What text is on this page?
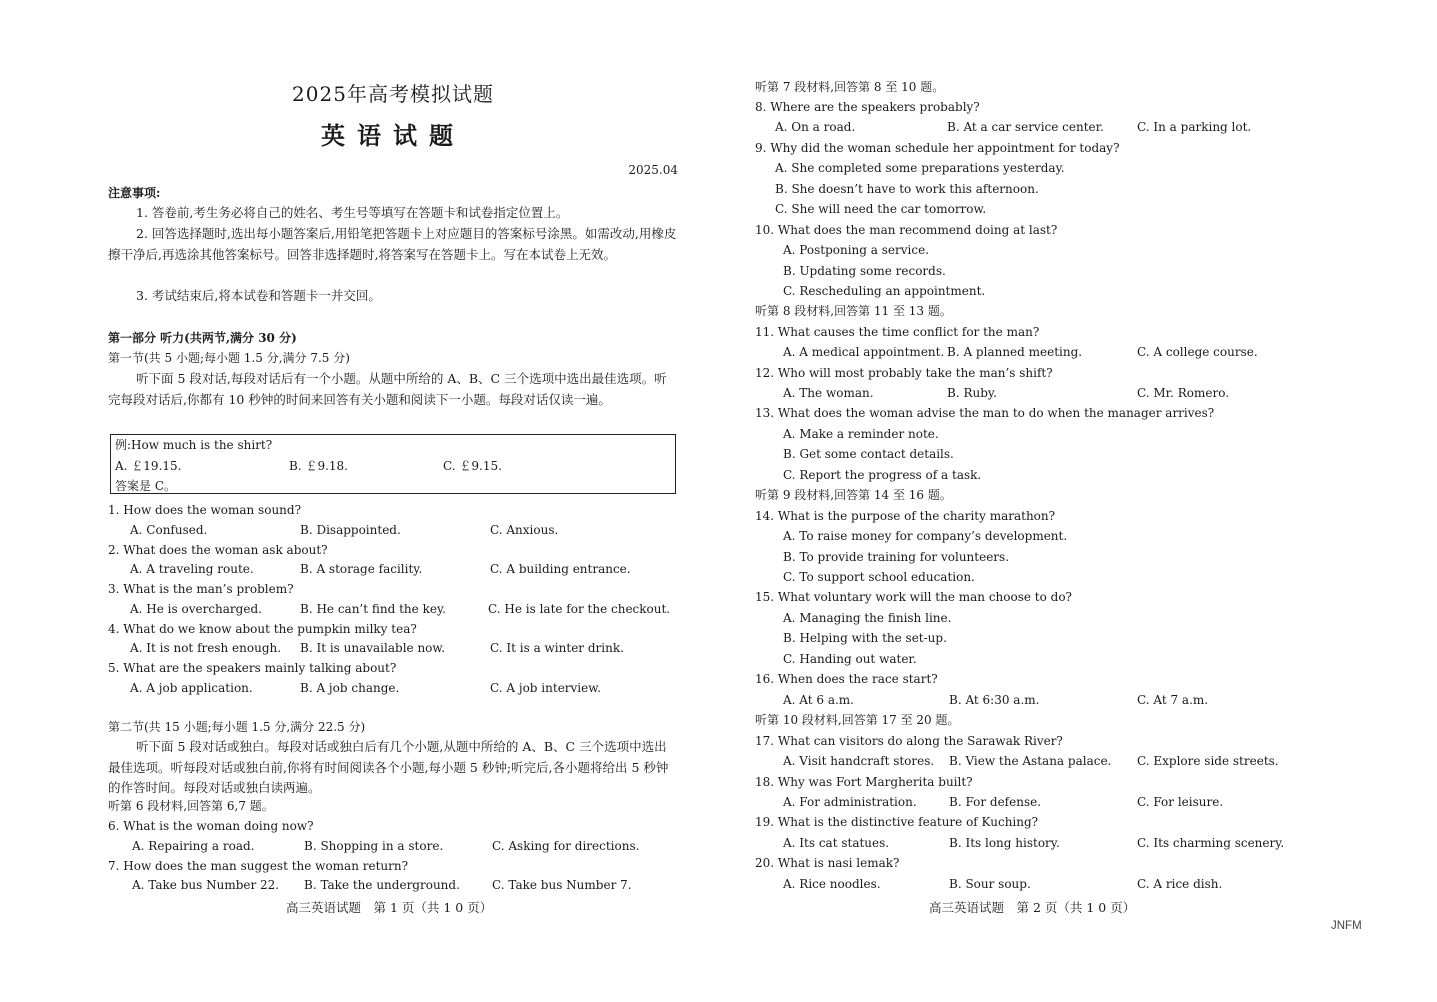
2025年高考模拟试题
英语试题
2025.04
注意事项:
1. 答卷前,考生务必将自己的姓名、考生号等填写在答题卡和试卷指定位置上。
2. 回答选择题时,选出每小题答案后,用铅笔把答题卡上对应题目的答案标号涂黑。如需改动,用橡皮擦干净后,再选涂其他答案标号。回答非选择题时,将答案写在答题卡上。写在本试卷上无效。
3. 考试结束后,将本试卷和答题卡一并交回。
第一部分 听力(共两节,满分 30 分)
第一节(共 5 小题;每小题 1.5 分,满分 7.5 分)
听下面 5 段对话,每段对话后有一个小题。从题中所给的 A、B、C 三个选项中选出最佳选项。听完每段对话后,你都有 10 秒钟的时间来回答有关小题和阅读下一小题。每段对话仅读一遍。
例:How much is the shirt?
A. ￡19.15.	B. ￡9.18.	C. ￡9.15.
答案是 C。
1. How does the woman sound?
A. Confused.	B. Disappointed.	C. Anxious.
2. What does the woman ask about?
A. A traveling route.	B. A storage facility.	C. A building entrance.
3. What is the man’s problem?
A. He is overcharged.	B. He can’t find the key.	C. He is late for the checkout.
4. What do we know about the pumpkin milky tea?
A. It is not fresh enough. B. It is unavailable now.	C. It is a winter drink.
5. What are the speakers mainly talking about?
A. A job application.	B. A job change.	C. A job interview.
第二节(共 15 小题;每小题 1.5 分,满分 22.5 分)
听下面 5 段对话或独白。每段对话或独白后有几个小题,从题中所给的 A、B、C 三个选项中选出最佳选项。听每段对话或独白前,你将有时间阅读各个小题,每小题 5 秒钟;听完后,各小题将给出 5 秒钟的作答时间。每段对话或独白读两遍。
听第 6 段材料,回答第 6,7 题。
6. What is the woman doing now?
A. Repairing a road.	B. Shopping in a store.	C. Asking for directions.
7. How does the man suggest the woman return?
A. Take bus Number 22. B. Take the underground.	C. Take bus Number 7.
高三英语试题　第 1 页（共 1 0 页）
听第 7 段材料,回答第 8 至 10 题。
8. Where are the speakers probably?
A. On a road.	B. At a car service center.	C. In a parking lot.
9. Why did the woman schedule her appointment for today?
A. She completed some preparations yesterday.
B. She doesn’t have to work this afternoon.
C. She will need the car tomorrow.
10. What does the man recommend doing at last?
A. Postponing a service.
B. Updating some records.
C. Rescheduling an appointment.
听第 8 段材料,回答第 11 至 13 题。
11. What causes the time conflict for the man?
A. A medical appointment. B. A planned meeting.	C. A college course.
12. Who will most probably take the man’s shift?
A. The woman.	B. Ruby.	C. Mr. Romero.
13. What does the woman advise the man to do when the manager arrives?
A. Make a reminder note.
B. Get some contact details.
C. Report the progress of a task.
听第 9 段材料,回答第 14 至 16 题。
14. What is the purpose of the charity marathon?
A. To raise money for company’s development.
B. To provide training for volunteers.
C. To support school education.
15. What voluntary work will the man choose to do?
A. Managing the finish line.
B. Helping with the set-up.
C. Handing out water.
16. When does the race start?
A. At 6 a.m.	B. At 6:30 a.m.	C. At 7 a.m.
听第 10 段材料,回答第 17 至 20 题。
17. What can visitors do along the Sarawak River?
A. Visit handcraft stores. B. View the Astana palace. C. Explore side streets.
18. Why was Fort Margherita built?
A. For administration.	B. For defense.	C. For leisure.
19. What is the distinctive feature of Kuching?
A. Its cat statues.	B. Its long history.	C. Its charming scenery.
20. What is nasi lemak?
A. Rice noodles.	B. Sour soup.	C. A rice dish.
高三英语试题　第 2 页（共 1 0 页）
JNFM
